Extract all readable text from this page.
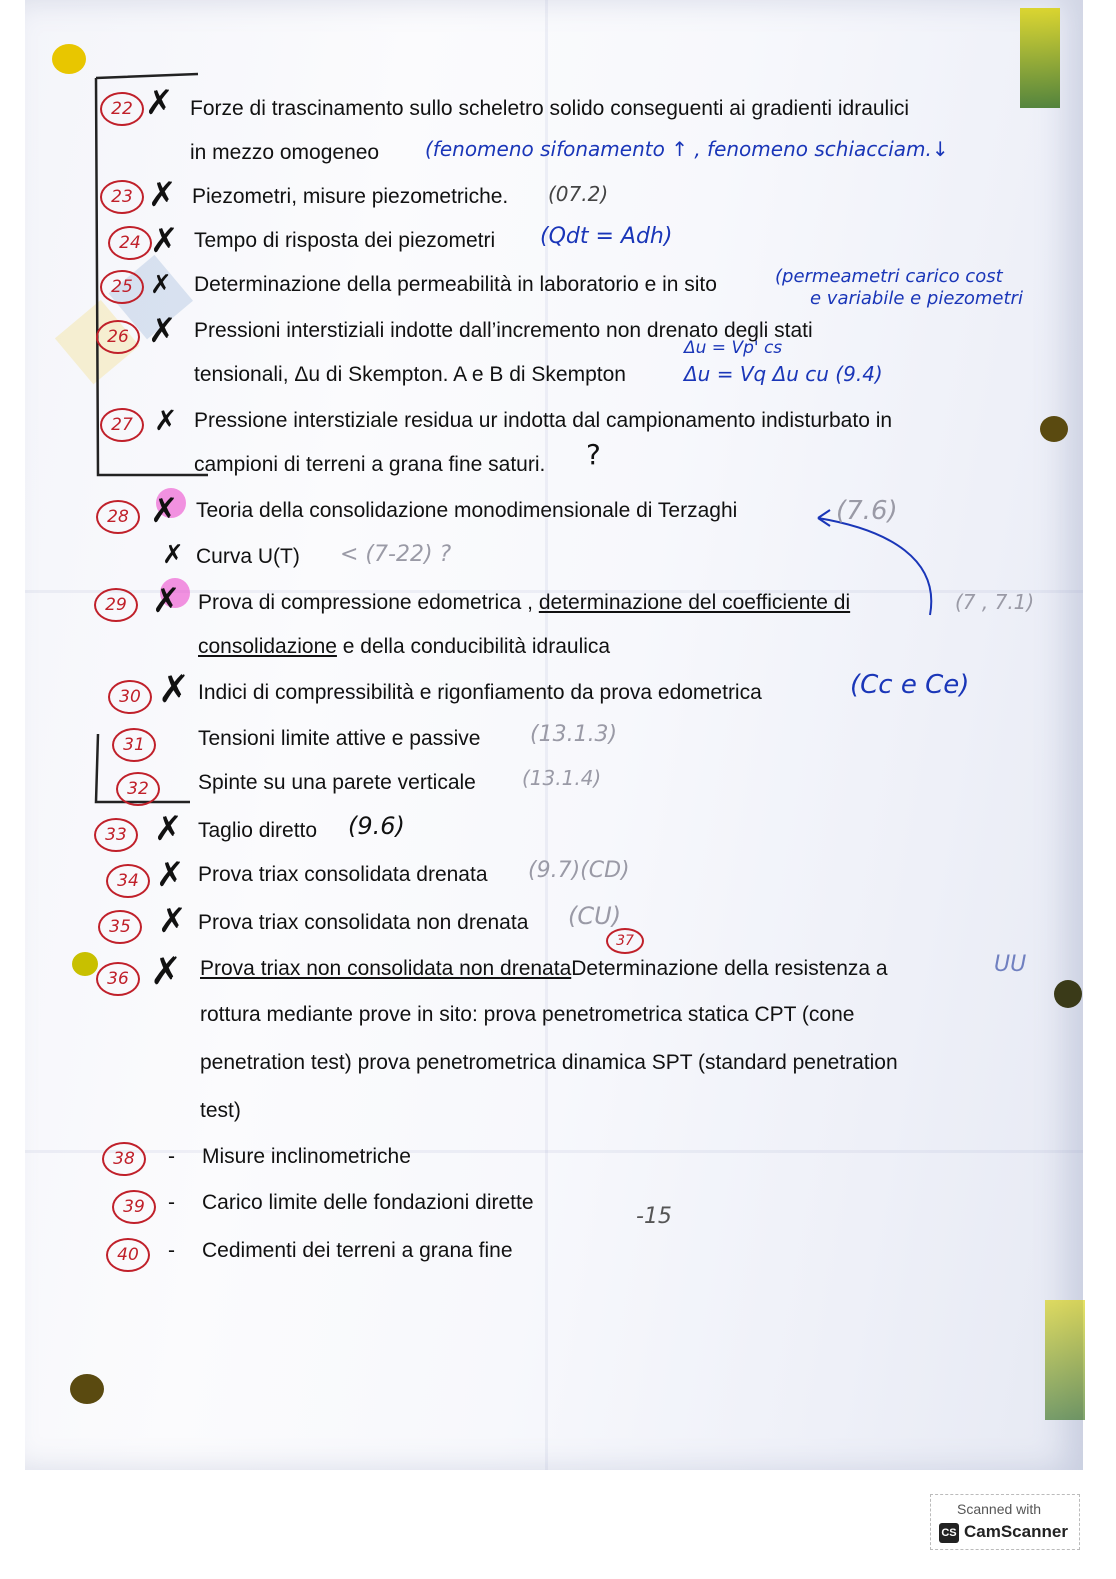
22 ✗ Forze di trascinamento sullo scheletro solido conseguenti ai gradienti idraulici
in mezzo omogeneo (fenomeno sifonamento ↑ , fenomeno schiacciam.↓
23 ✗ Piezometri, misure piezometriche. (07.2)
24 ✗ Tempo di risposta dei piezometri (Qdt = Adh)
25 ✗ Determinazione della permeabilità in laboratorio e in sito	(permeametri carico cost
e variabile e piezometri
26 ✗ Pressioni interstiziali indotte dall’incremento non drenato degli stati
tensionali, Δu di Skempton. A e B di Skempton
Δu = Vp' cs
Δu = Vq Δu cu (9.4)
27 ✗ Pressione interstiziale residua ur indotta dal campionamento indisturbato in
campioni di terreni a grana fine saturi. ?
28 ✗ Teoria della consolidazione monodimensionale di Terzaghi
✗ Curva U(T)
(7.6)
< (7-22) ?
29 ✗ Prova di compressione edometrica , determinazione del coefficiente di
consolidazione e della conducibilità idraulica
(7 , 7.1)
30 ✗ Indici di compressibilità e rigonfiamento da prova edometrica	(Cc e Ce)
31	Tensioni limite attive e passive (13.1.3)
32	Spinte su una parete verticale (13.1.4)
33 ✗ Taglio diretto (9.6)
34 ✗ Prova triax consolidata drenata (9.7)(CD)
35 ✗ Prova triax consolidata non drenata (CU)
36 ✗
37
Prova triax non consolidata non drenataDeterminazione della resistenza a	UU
rottura mediante prove in sito: prova penetrometrica statica CPT (cone
penetration test) prova penetrometrica dinamica SPT (standard penetration
test)
38	- Misure inclinometriche
39	- Carico limite delle fondazioni dirette
-15
40	- Cedimenti dei terreni a grana fine
Scanned with
CS CamScanner
